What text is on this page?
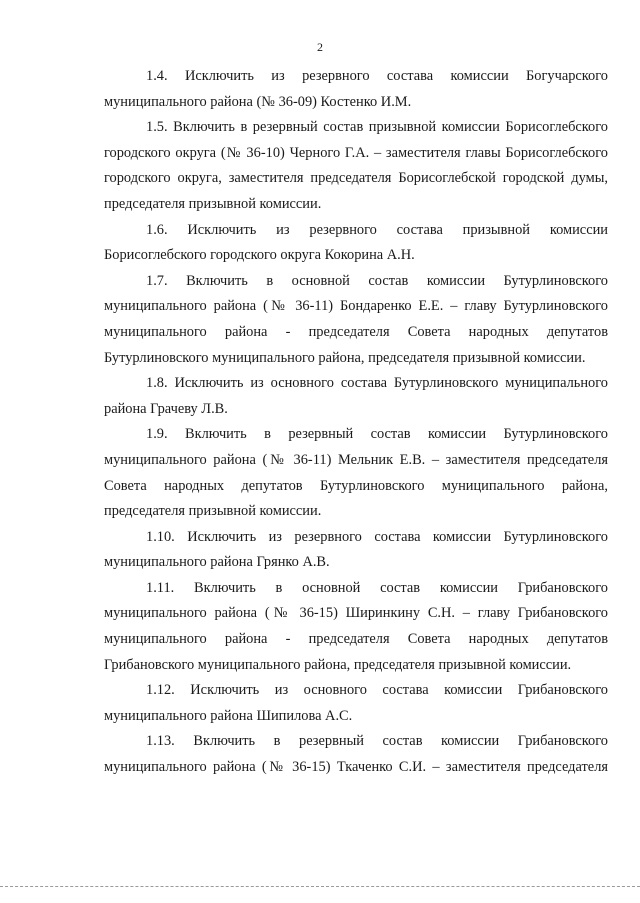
2

1.4. Исключить из резервного состава комиссии Богучарского муниципального района (№ 36-09) Костенко И.М.

1.5. Включить в резервный состав призывной комиссии Борисоглебского городского округа (№ 36-10) Черного Г.А. – заместителя главы Борисоглебского городского округа, заместителя председателя Борисоглебской городской думы, председателя призывной комиссии.

1.6. Исключить из резервного состава призывной комиссии Борисоглебского городского округа Кокорина А.Н.

1.7. Включить в основной состав комиссии Бутурлиновского муниципального района (№ 36-11) Бондаренко Е.Е. – главу Бутурлиновского муниципального района - председателя Совета народных депутатов Бутурлиновского муниципального района, председателя призывной комиссии.

1.8. Исключить из основного состава Бутурлиновского муниципального района Грачеву Л.В.

1.9. Включить в резервный состав комиссии Бутурлиновского муниципального района (№ 36-11) Мельник Е.В. – заместителя председателя Совета народных депутатов Бутурлиновского муниципального района, председателя призывной комиссии.

1.10. Исключить из резервного состава комиссии Бутурлиновского муниципального района Грянко А.В.

1.11. Включить в основной состав комиссии Грибановского муниципального района (№ 36-15) Ширинкину С.Н. – главу Грибановского муниципального района - председателя Совета народных депутатов Грибановского муниципального района, председателя призывной комиссии.

1.12. Исключить из основного состава комиссии Грибановского муниципального района Шипилова А.С.

1.13. Включить в резервный состав комиссии Грибановского муниципального района (№ 36-15) Ткаченко С.И. – заместителя председателя
